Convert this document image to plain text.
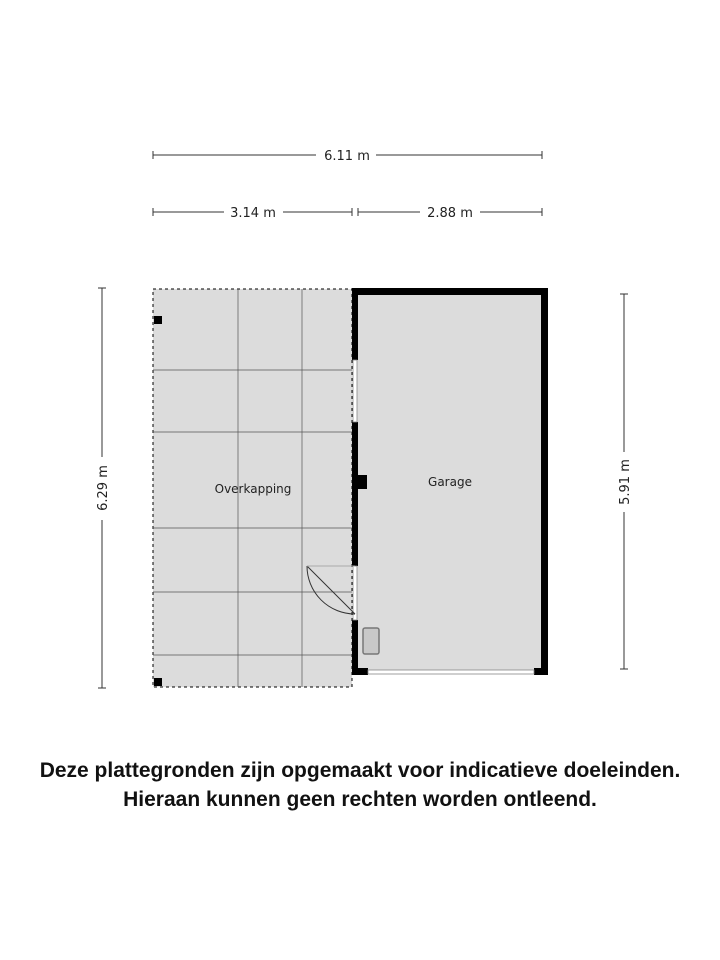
6.11 m
3.14 m	2.88 m
6.29 m	5.91 m
Overkapping	Garage
Deze plattegronden zijn opgemaakt voor indicatieve doeleinden.
Hieraan kunnen geen rechten worden ontleend.
